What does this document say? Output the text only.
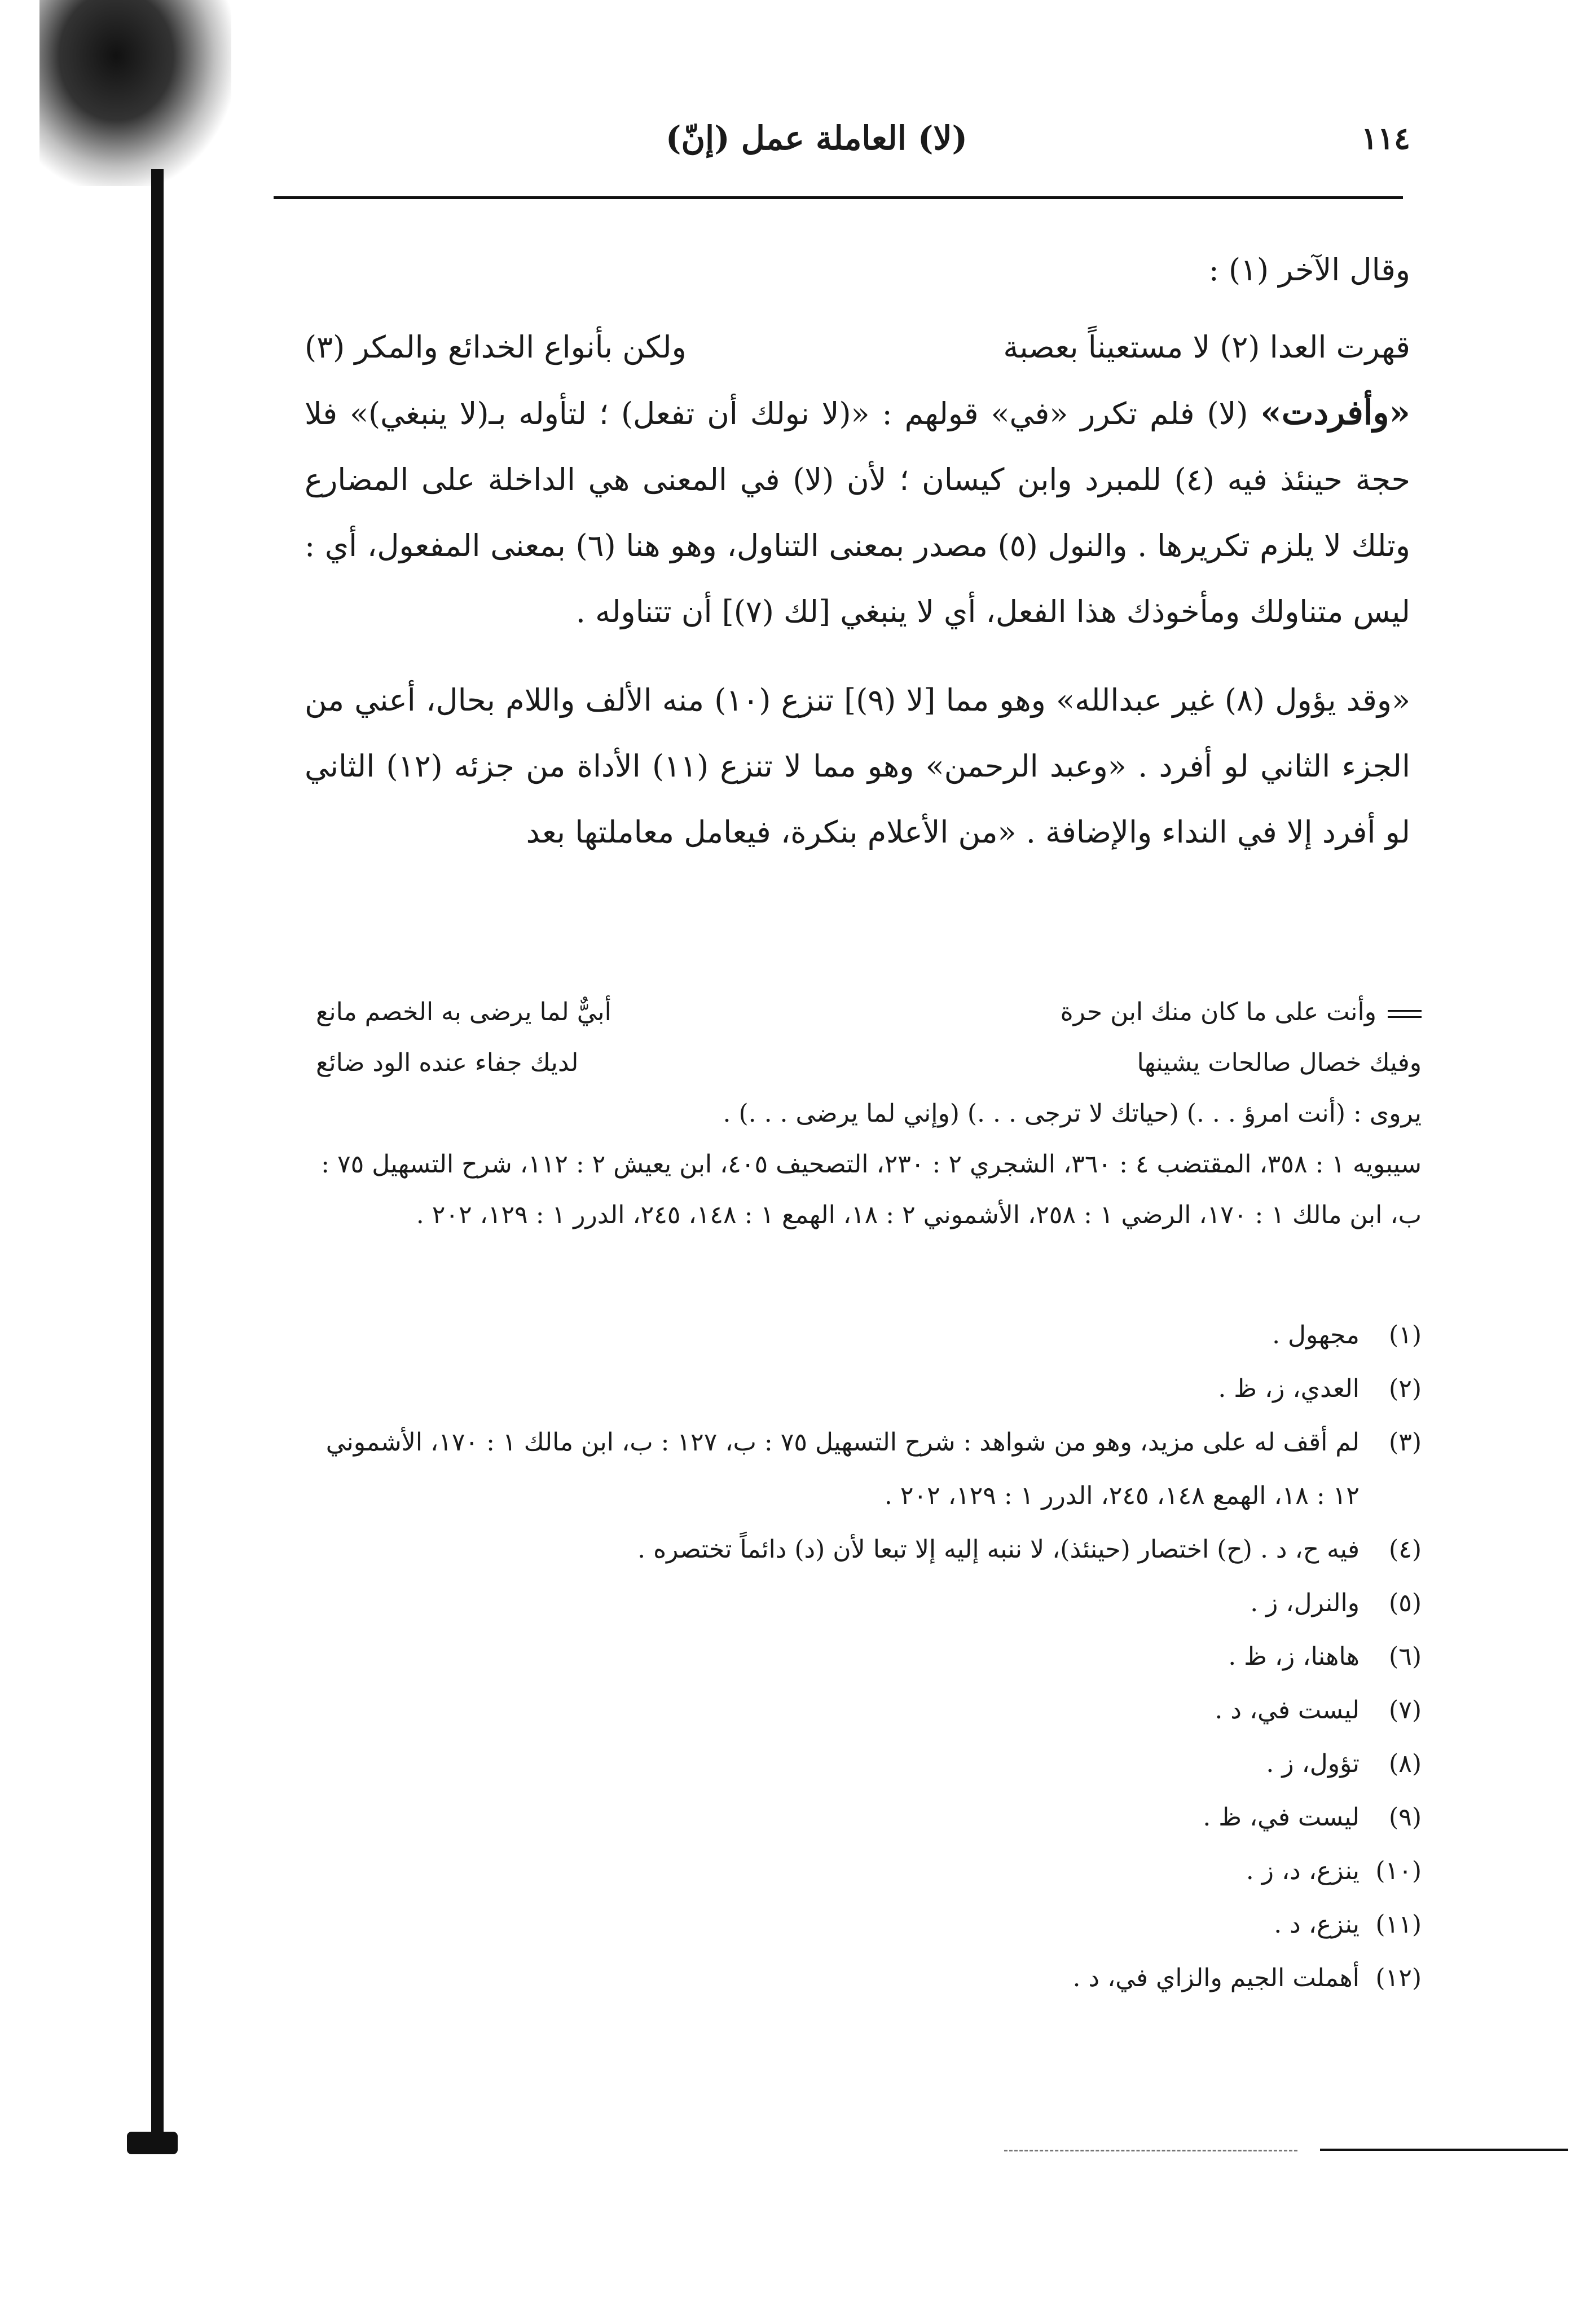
١١٤
(لا) العاملة عمل (إنّ)

وقال الآخر (١) :

قهرت العدا (٢) لا مستعيناً بعصبة
ولكن بأنواع الخدائع والمكر (٣)

«وأفردت» (لا) فلم تكرر «في» قولهم : «(لا نولك أن تفعل) ؛ لتأوله بـ(لا ينبغي)» فلا حجة حينئذ فيه (٤) للمبرد وابن كيسان ؛ لأن (لا) في المعنى هي الداخلة على المضارع وتلك لا يلزم تكريرها . والنول (٥) مصدر بمعنى التناول، وهو هنا (٦) بمعنى المفعول، أي : ليس متناولك ومأخوذك هذا الفعل، أي لا ينبغي [لك (٧)] أن تتناوله .

«وقد يؤول (٨) غير عبدالله» وهو مما [لا (٩)] تنزع (١٠) منه الألف واللام بحال، أعني من الجزء الثاني لو أفرد . «وعبد الرحمن» وهو مما لا تنزع (١١) الأداة من جزئه (١٢) الثاني لو أفرد إلا في النداء والإضافة . «من الأعلام بنكرة، فيعامل معاملتها بعد

وأنت على ما كان منك ابن حرة
أبيٌّ لما يرضى به الخصم مانع
وفيك خصال صالحات يشينها
لديك جفاء عنده الود ضائع
يروى : (أنت امرؤ . . .) (حياتك لا ترجى . . .) (وإني لما يرضى . . .) .
سيبويه ١ : ٣٥٨، المقتضب ٤ : ٣٦٠، الشجري ٢ : ٢٣٠، التصحيف ٤٠٥، ابن يعيش ٢ : ١١٢، شرح التسهيل ٧٥ : ب، ابن مالك ١ : ١٧٠، الرضي ١ : ٢٥٨، الأشموني ٢ : ١٨، الهمع ١ : ١٤٨، ٢٤٥، الدرر ١ : ١٢٩، ٢٠٢ .
(١)
مجهول .
(٢)
العدي، ز، ظ .
(٣)
لم أقف له على مزيد، وهو من شواهد : شرح التسهيل ٧٥ : ب، ١٢٧ : ب، ابن مالك ١ : ١٧٠، الأشموني ١٢ : ١٨، الهمع ١٤٨، ٢٤٥، الدرر ١ : ١٢٩، ٢٠٢ .
(٤)
فيه ح، د . (ح) اختصار (حينئذ)، لا ننبه إليه إلا تبعا لأن (د) دائماً تختصره .
(٥)
والنرل، ز .
(٦)
هاهنا، ز، ظ .
(٧)
ليست في، د .
(٨)
تؤول، ز .
(٩)
ليست في، ظ .
(١٠)
ينزع، د، ز .
(١١)
ينزع، د .
(١٢)
أهملت الجيم والزاي في، د .
